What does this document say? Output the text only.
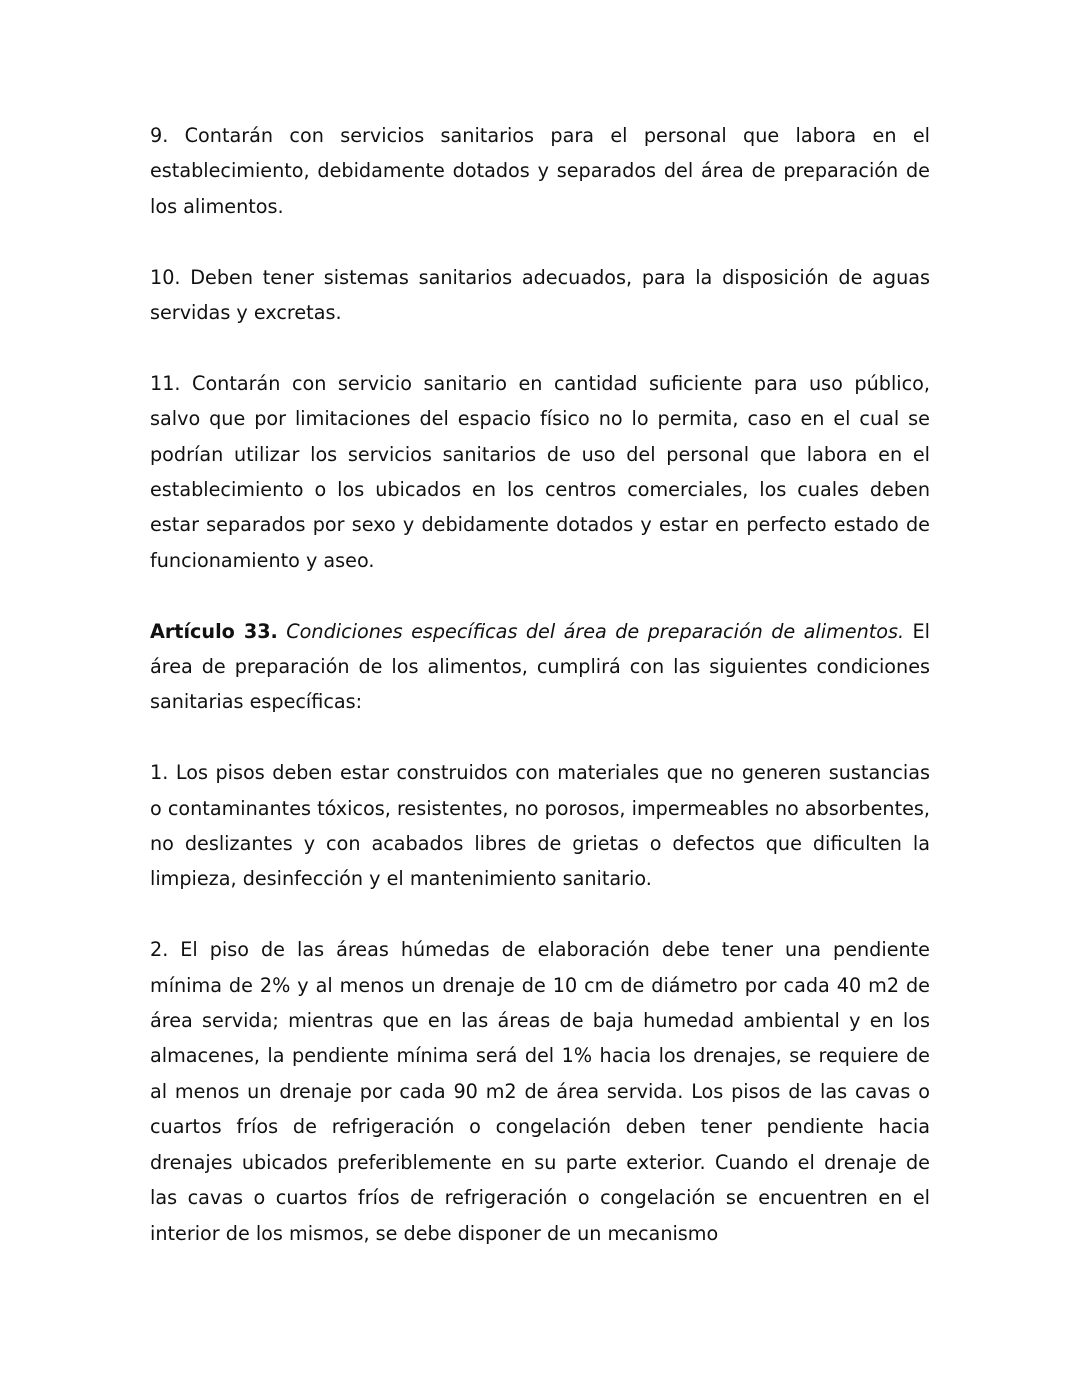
9. Contarán con servicios sanitarios para el personal que labora en el establecimiento, debidamente dotados y separados del área de preparación de los alimentos.

10. Deben tener sistemas sanitarios adecuados, para la disposición de aguas servidas y excretas.

11. Contarán con servicio sanitario en cantidad suficiente para uso público, salvo que por limitaciones del espacio físico no lo permita, caso en el cual se podrían utilizar los servicios sanitarios de uso del personal que labora en el establecimiento o los ubicados en los centros comerciales, los cuales deben estar separados por sexo y debidamente dotados y estar en perfecto estado de funcionamiento y aseo.

Artículo 33. Condiciones específicas del área de preparación de alimentos. El área de preparación de los alimentos, cumplirá con las siguientes condiciones sanitarias específicas:

1. Los pisos deben estar construidos con materiales que no generen sustancias o contaminantes tóxicos, resistentes, no porosos, impermeables no absorbentes, no deslizantes y con acabados libres de grietas o defectos que dificulten la limpieza, desinfección y el mantenimiento sanitario.

2. El piso de las áreas húmedas de elaboración debe tener una pendiente mínima de 2% y al menos un drenaje de 10 cm de diámetro por cada 40 m2 de área servida; mientras que en las áreas de baja humedad ambiental y en los almacenes, la pendiente mínima será del 1% hacia los drenajes, se requiere de al menos un drenaje por cada 90 m2 de área servida. Los pisos de las cavas o cuartos fríos de refrigeración o congelación deben tener pendiente hacia drenajes ubicados preferiblemente en su parte exterior. Cuando el drenaje de las cavas o cuartos fríos de refrigeración o congelación se encuentren en el interior de los mismos, se debe disponer de un mecanismo
